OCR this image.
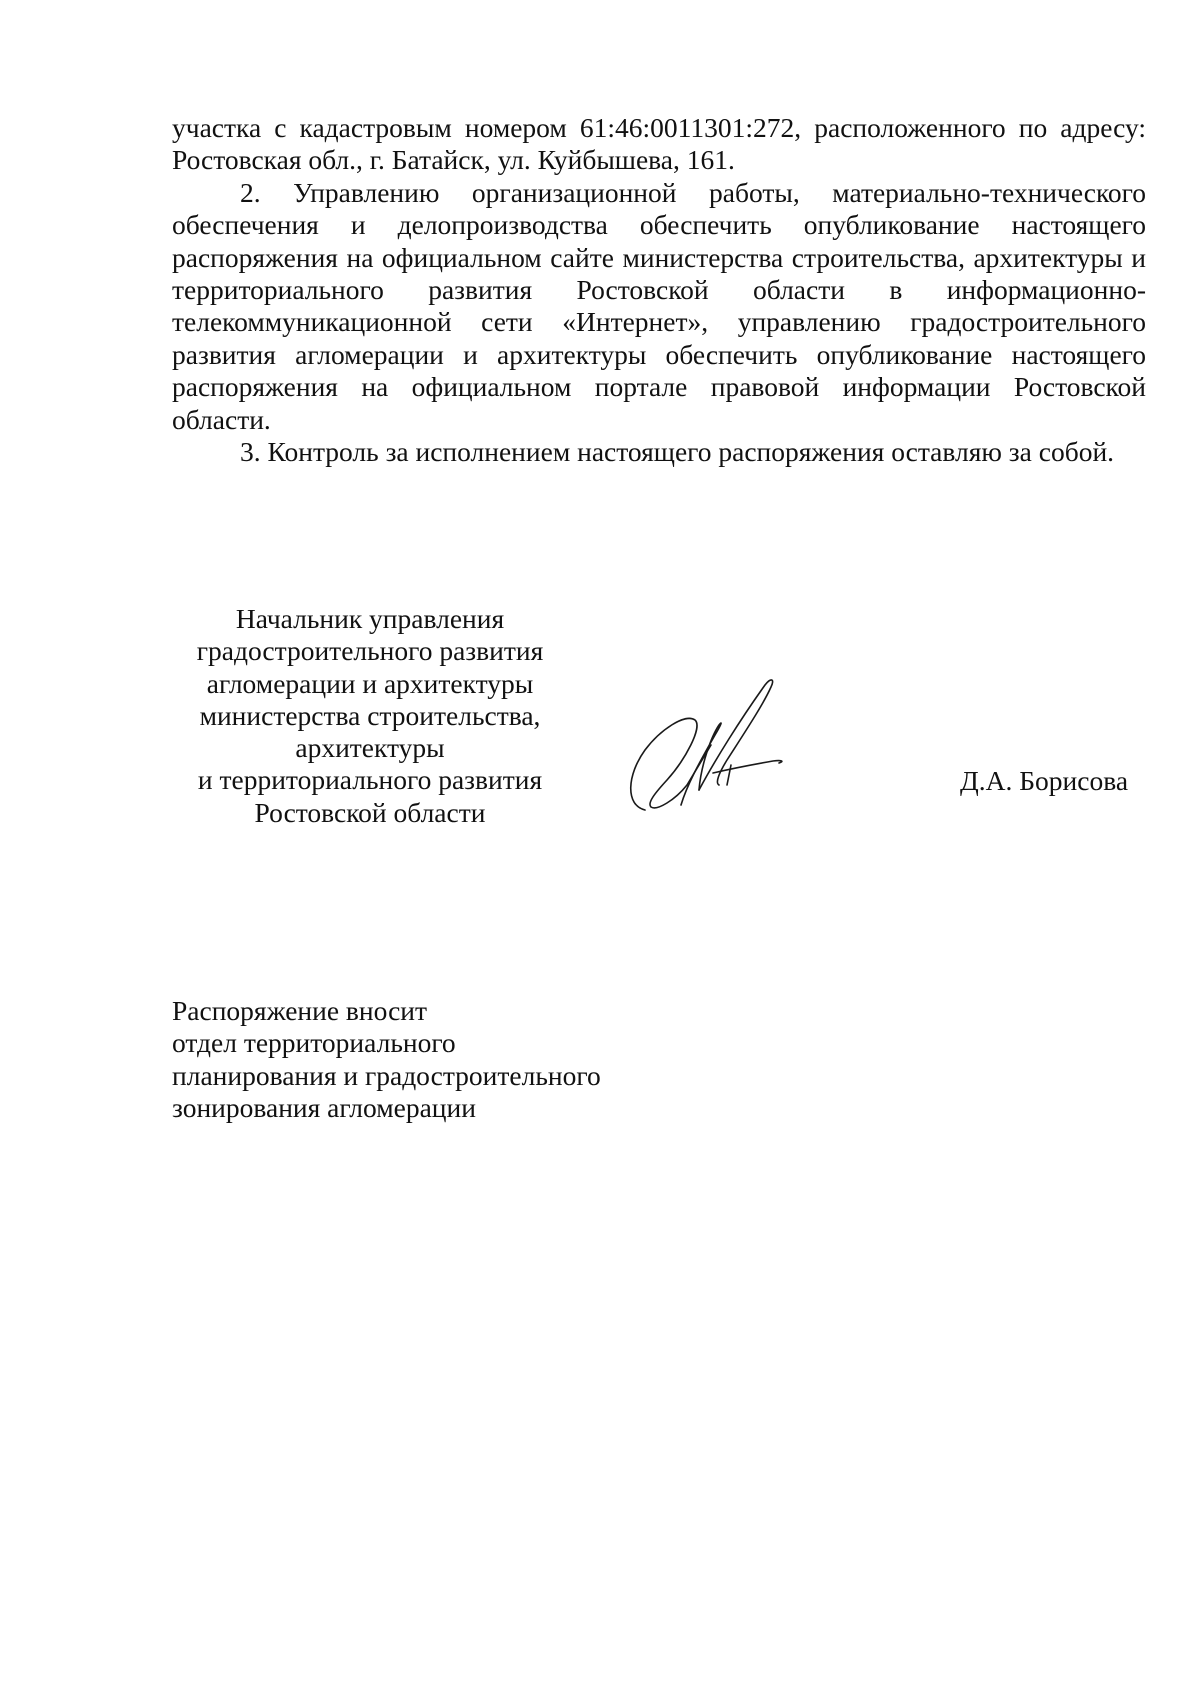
участка с кадастровым номером 61:46:0011301:272, расположенного по адресу: Ростовская обл., г. Батайск, ул. Куйбышева, 161.

2. Управлению организационной работы, материально-технического обеспечения и делопроизводства обеспечить опубликование настоящего распоряжения на официальном сайте министерства строительства, архитектуры и территориального развития Ростовской области в информационно-телекоммуникационной сети «Интернет», управлению градостроительного развития агломерации и архитектуры обеспечить опубликование настоящего распоряжения на официальном портале правовой информации Ростовской области.

3. Контроль за исполнением настоящего распоряжения оставляю за собой.

Начальник управления
градостроительного развития
агломерации и архитектуры
министерства строительства,
архитектуры
и территориального развития
Ростовской области
Д.А. Борисова
Распоряжение вносит
отдел территориального
планирования и градостроительного
зонирования агломерации
